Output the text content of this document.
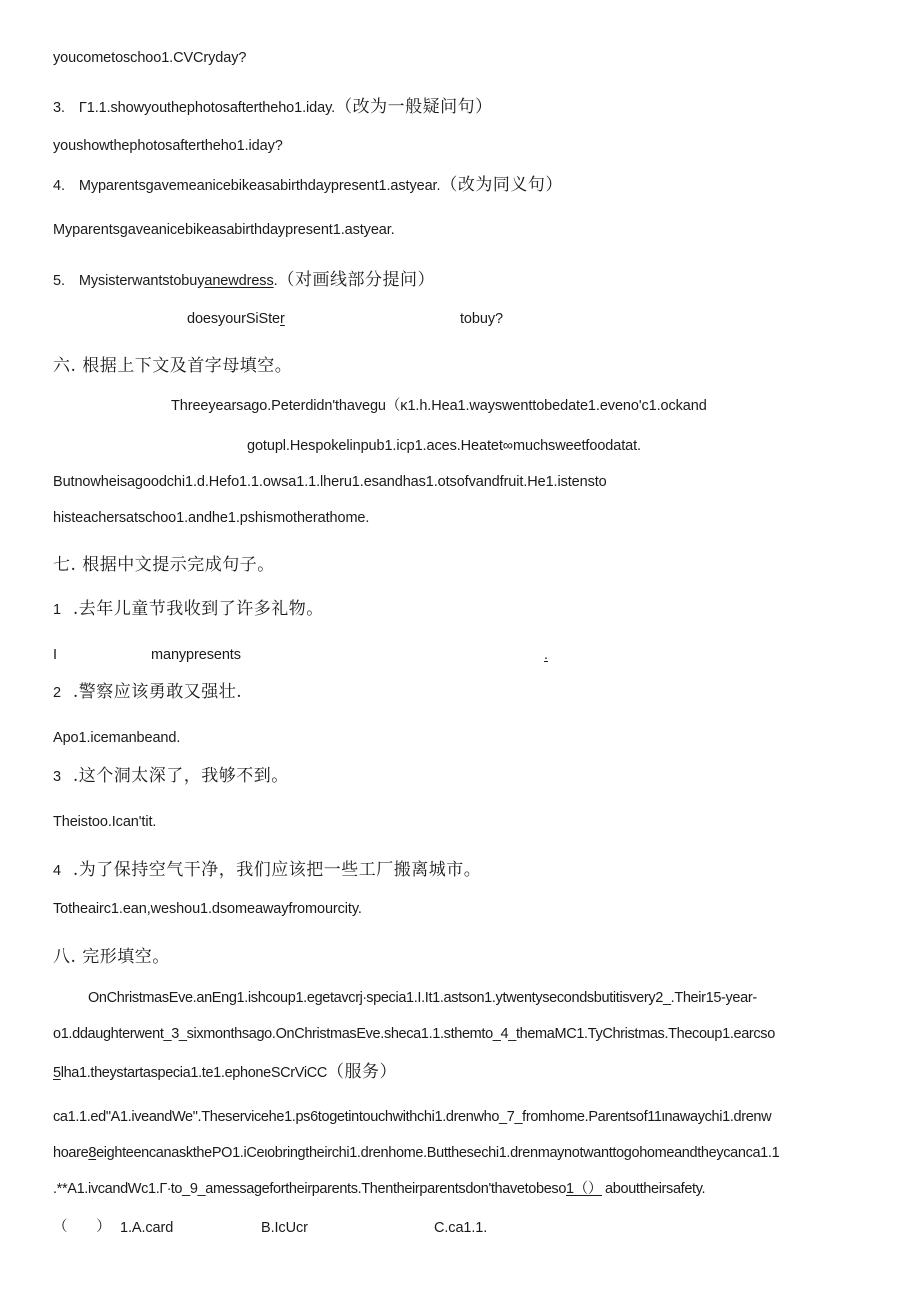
youcometoschoo1.CVCryday?
3. Γ1.1.showyouthephotosaftertheho1.iday.（改为一般疑问句）
youshowthephotosaftertheho1.iday?
4. Myparentsgavemeanicebikeasabirthdaypresent1.astyear.（改为同义句）
Myparentsgaveanicebikeasabirthdaypresent1.astyear.
5. Mysisterwantstobuyanewdress.（对画线部分提问）
doesyourSiSter	tobuy?
六. 根据上下文及首字母填空。
Threeyearsago.Peterdidn'thavegu（κ1.h.Hea1.wayswenttobedate1.eveno'c1.ockand
gotupl.Hespokelinpub1.icp1.aces.Heatet∞muchsweetfoodatat.
Butnowheisagoodchi1.d.Hefo1.1.owsa1.1.lheru1.esandhas1.otsofvandfruit.He1.istensto
histeachersatschoo1.andhe1.pshismotherathome.
七. 根据中文提示完成句子。
1 .去年儿童节我收到了许多礼物。
I	manypresents	.
2 .警察应该勇敢又强壮.
Apo1.icemanbeand.
3 .这个洞太深了，我够不到。
Theistoo.Ican'tit.
4 .为了保持空气干净，我们应该把一些工厂搬离城市。
Totheairc1.ean,weshou1.dsomeawayfromourcity.
八. 完形填空。
OnChristmasEve.anEng1.ishcoup1.egetavcrj∙specia1.I.It1.astson1.ytwentysecondsbutitisvery2_.Their15-year-
o1.ddaughterwent_3_sixmonthsago.OnChristmasEve.sheca1.1.sthemto_4_themaMC1.TyChristmas.Thecoup1.earcso
5lha1.theystartaspecia1.te1.ephoneSCrViCC（服务）
ca1.1.ed"A1.iveandWe".Theservicehe1.ps6togetintouchwithchi1.drenwho_7_fromhome.Parentsof11ιnawaychi1.drenw
hoare8eighteencanaskthePO1.iCeιobringtheirchi1.drenhome.Butthesechi1.drenmaynotwanttogohomeandtheycanca1.1
.**A1.ivcandWc1.Γ∙to_9_amessagefortheirparents.Thentheirparentsdon'thavetobeso1（） abouttheirsafety.
（　　） 1.A.card	B.IcUcr	C.ca1.1.
